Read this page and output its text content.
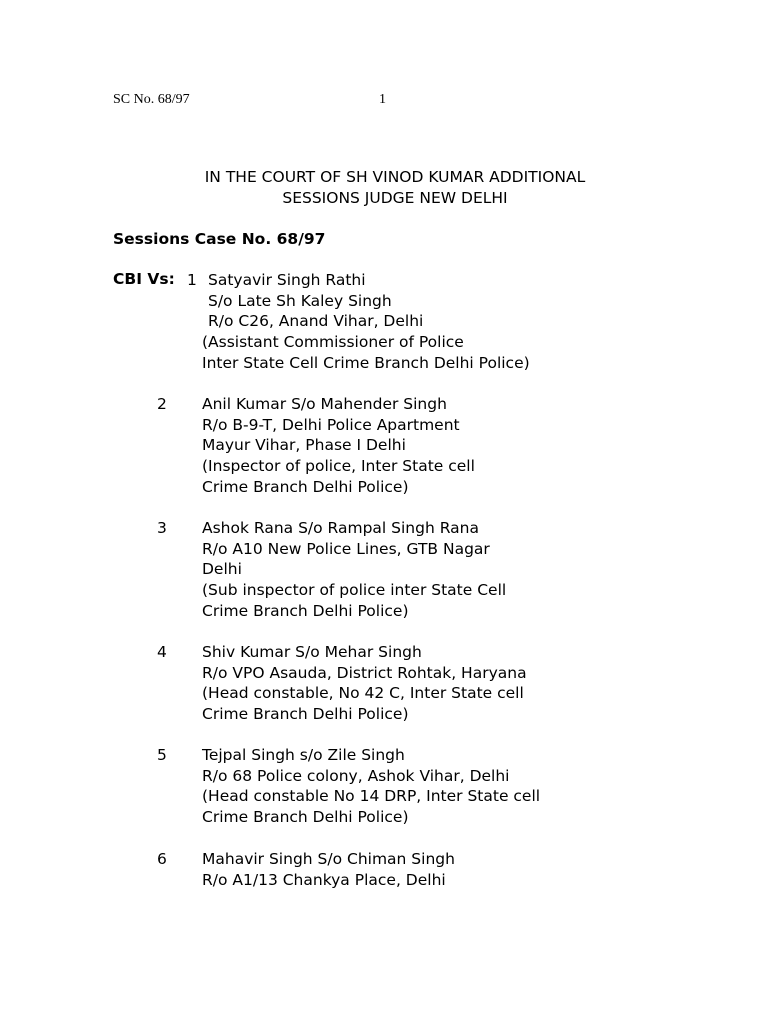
SC No. 68/97	1
IN THE COURT OF SH VINOD KUMAR ADDITIONAL
SESSIONS JUDGE NEW DELHI
Sessions Case No. 68/97
CBI Vs: 1 Satyavir Singh Rathi
S/o Late Sh Kaley Singh
R/o C26, Anand Vihar, Delhi
(Assistant Commissioner of Police
Inter State Cell Crime Branch Delhi Police)
2 Anil Kumar S/o Mahender Singh
R/o B-9-T, Delhi Police Apartment
Mayur Vihar, Phase I Delhi
(Inspector of police, Inter State cell
Crime Branch Delhi Police)
3 Ashok Rana S/o Rampal Singh Rana
R/o A10 New Police Lines, GTB Nagar
Delhi
(Sub inspector of police inter State Cell
Crime Branch Delhi Police)
4 Shiv Kumar S/o Mehar Singh
R/o VPO Asauda, District Rohtak, Haryana
(Head constable, No 42 C, Inter State cell
Crime Branch Delhi Police)
5 Tejpal Singh s/o Zile Singh
R/o 68 Police colony, Ashok Vihar, Delhi
(Head constable No 14 DRP, Inter State cell
Crime Branch Delhi Police)
6 Mahavir Singh S/o Chiman Singh
R/o A1/13 Chankya Place, Delhi
